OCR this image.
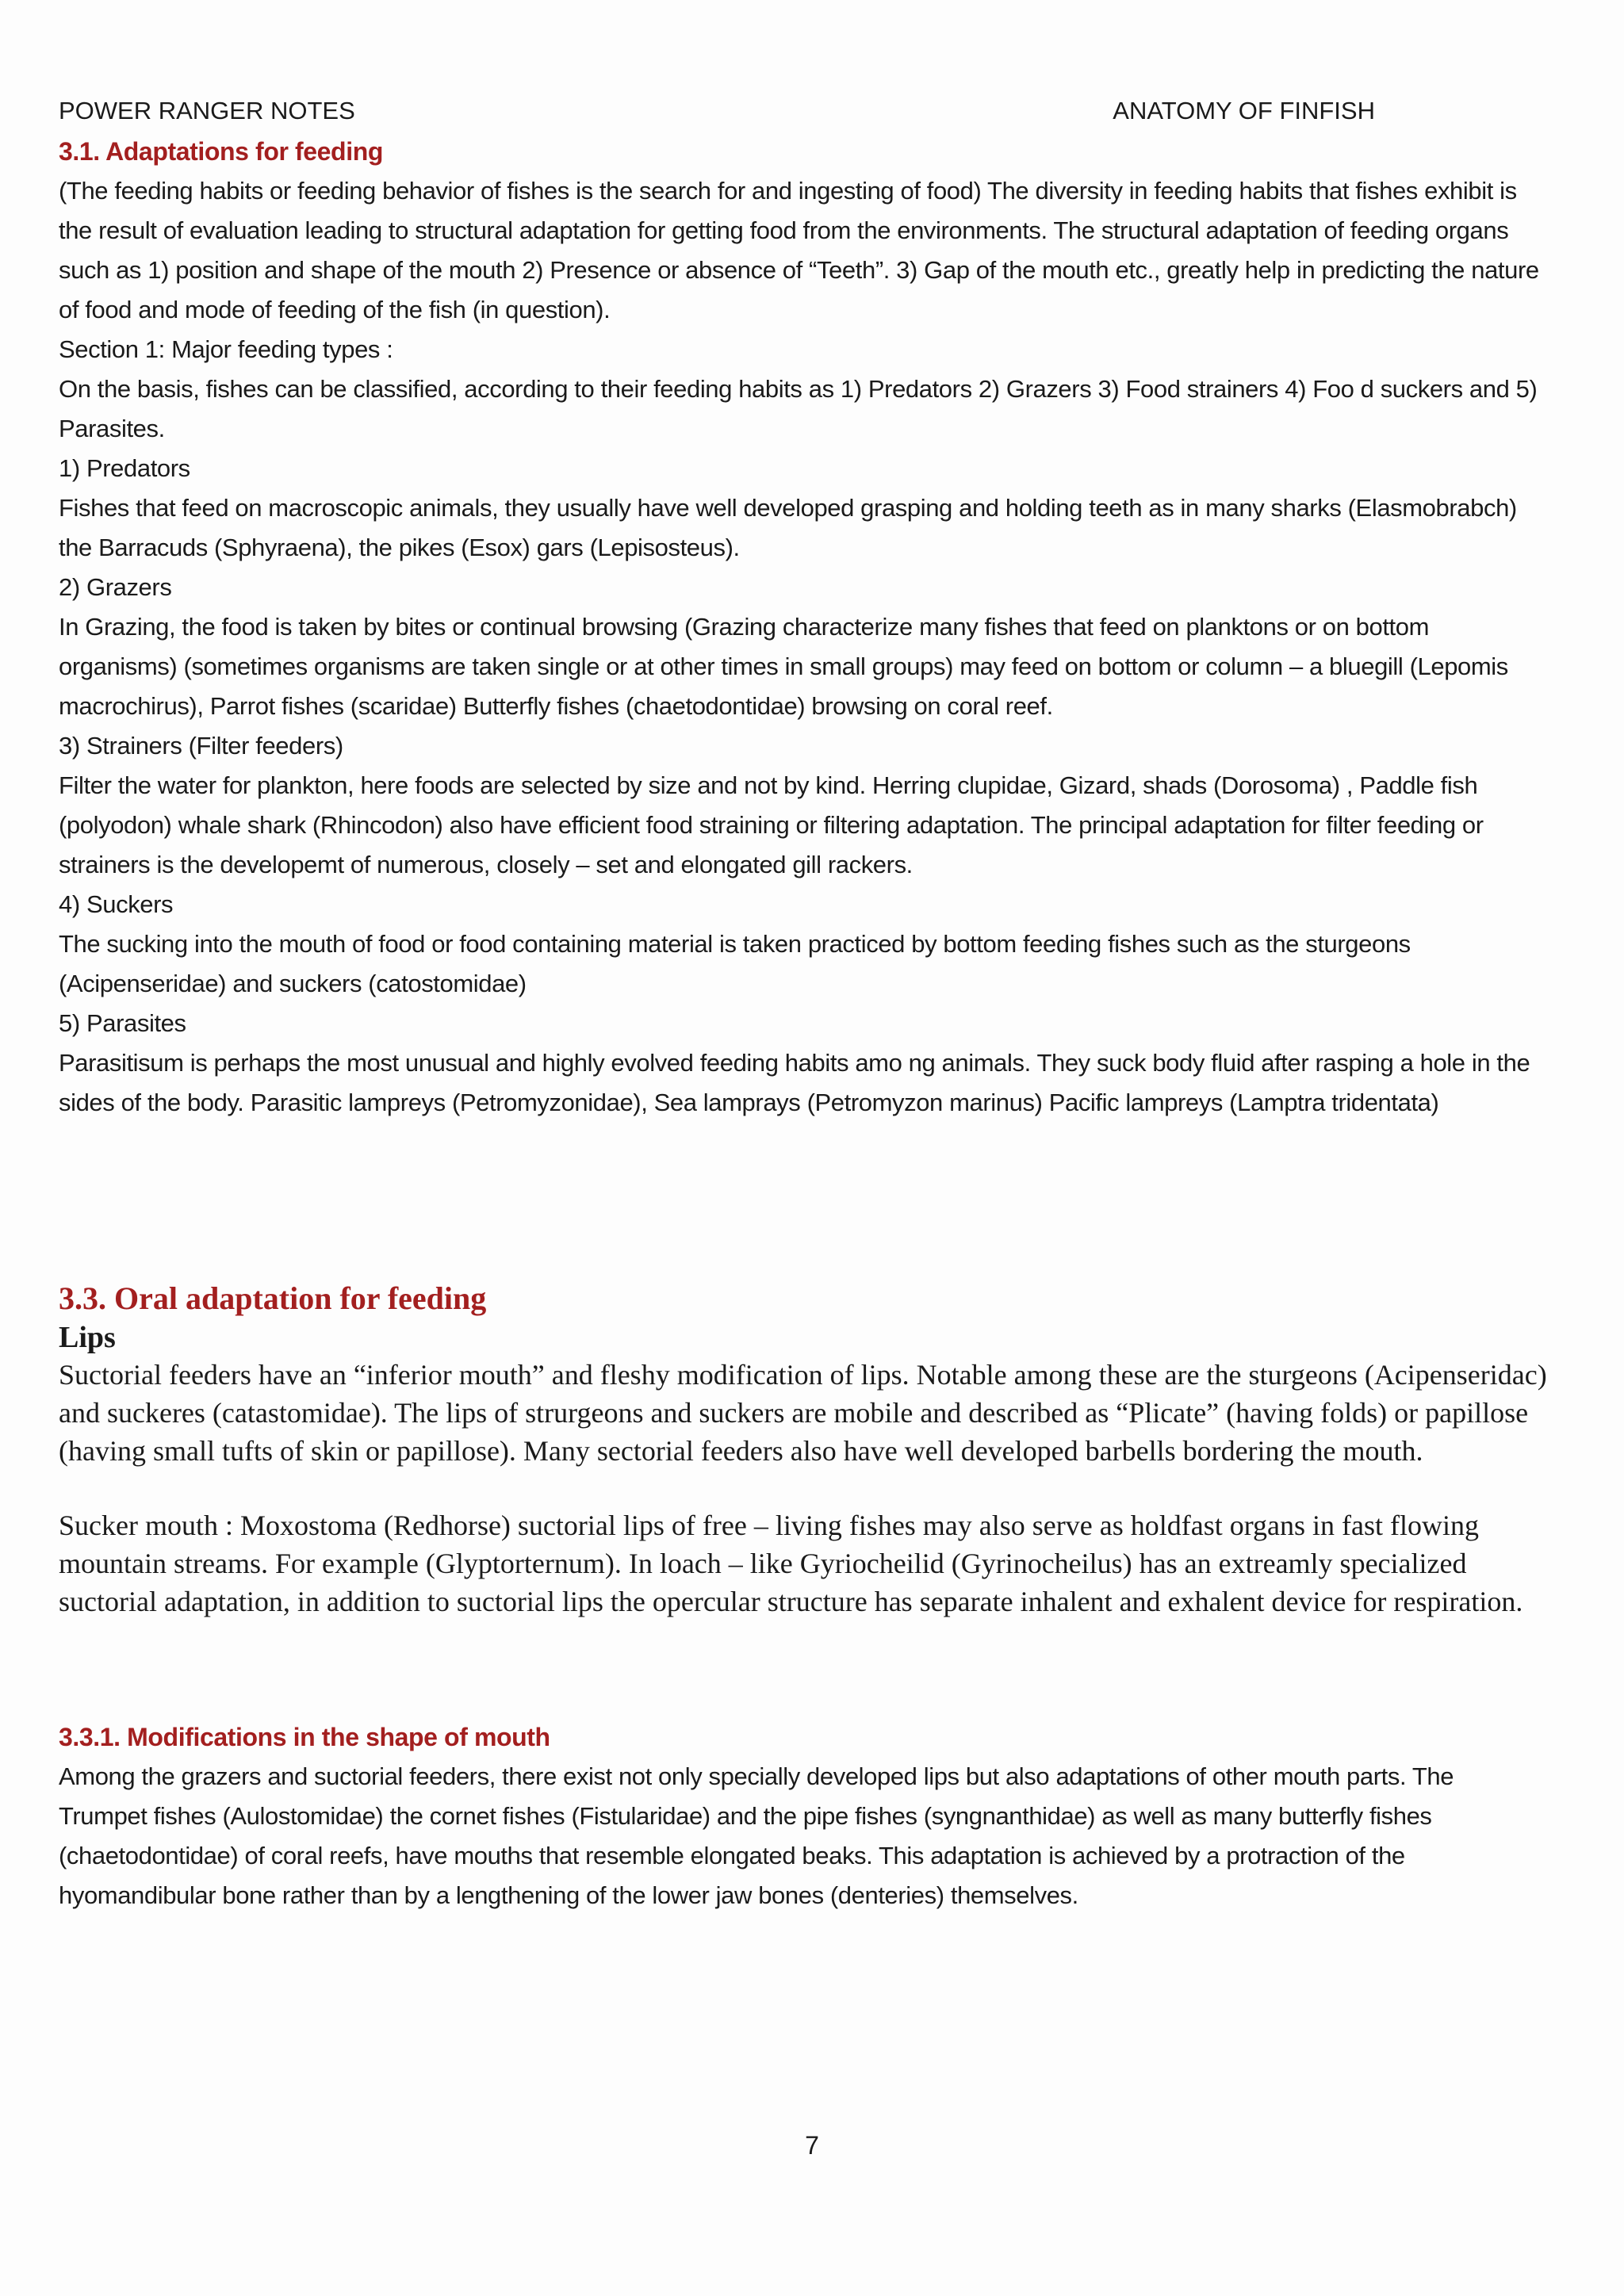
POWER RANGER NOTES	ANATOMY OF FINFISH
3.1. Adaptations for feeding

(The feeding habits or feeding behavior of fishes is the search for and ingesting of food) The diversity in feeding habits that fishes exhibit is the result of evaluation leading to structural adaptation for getting food from the environments. The structural adaptation of feeding organs such as 1) position and shape of the mouth 2) Presence or absence of “Teeth”. 3) Gap of the mouth etc., greatly help in predicting the nature of food and mode of feeding of the fish (in question).

Section 1: Major feeding types :

On the basis, fishes can be classified, according to their feeding habits as 1) Predators 2) Grazers 3) Food strainers 4) Foo d suckers and 5) Parasites.

1) Predators

Fishes that feed on macroscopic animals, they usually have well developed grasping and holding teeth as in many sharks (Elasmobrabch) the Barracuds (Sphyraena), the pikes (Esox) gars (Lepisosteus).

2) Grazers

In Grazing, the food is taken by bites or continual browsing (Grazing characterize many fishes that feed on planktons or on bottom organisms) (sometimes organisms are taken single or at other times in small groups) may feed on bottom or column – a bluegill (Lepomis macrochirus), Parrot fishes (scaridae) Butterfly fishes (chaetodontidae) browsing on coral reef.

3) Strainers (Filter feeders)

Filter the water for plankton, here foods are selected by size and not by kind. Herring clupidae, Gizard, shads (Dorosoma) , Paddle fish (polyodon) whale shark (Rhincodon) also have efficient food straining or filtering adaptation. The principal adaptation for filter feeding or strainers is the developemt of numerous, closely – set and elongated gill rackers.

4) Suckers

The sucking into the mouth of food or food containing material is taken practiced by bottom feeding fishes such as the sturgeons (Acipenseridae) and suckers (catostomidae)

5) Parasites

Parasitisum is perhaps the most unusual and highly evolved feeding habits amo ng animals. They suck body fluid after rasping a hole in the sides of the body. Parasitic lampreys (Petromyzonidae), Sea lamprays (Petromyzon marinus) Pacific lampreys (Lamptra tridentata)

3.3. Oral adaptation for feeding

Lips

Suctorial feeders have an “inferior mouth” and fleshy modification of lips. Notable among these are the sturgeons (Acipenseridac) and suckeres (catastomidae). The lips of strurgeons and suckers are mobile and described as “Plicate” (having folds) or papillose (having small tufts of skin or papillose). Many sectorial feeders also have well developed barbells bordering the mouth.

Sucker mouth : Moxostoma (Redhorse) suctorial lips of free – living fishes may also serve as holdfast organs in fast flowing mountain streams. For example (Glyptorternum). In loach – like Gyriocheilid (Gyrinocheilus) has an extreamly specialized suctorial adaptation, in addition to suctorial lips the opercular structure has separate inhalent and exhalent device for respiration.

3.3.1. Modifications in the shape of mouth

Among the grazers and suctorial feeders, there exist not only specially developed lips but also adaptations of other mouth parts. The Trumpet fishes (Aulostomidae) the cornet fishes (Fistularidae) and the pipe fishes (syngnanthidae) as well as many butterfly fishes (chaetodontidae) of coral reefs, have mouths that resemble elongated beaks. This adaptation is achieved by a protraction of the hyomandibular bone rather than by a lengthening of the lower jaw bones (denteries) themselves.

7
